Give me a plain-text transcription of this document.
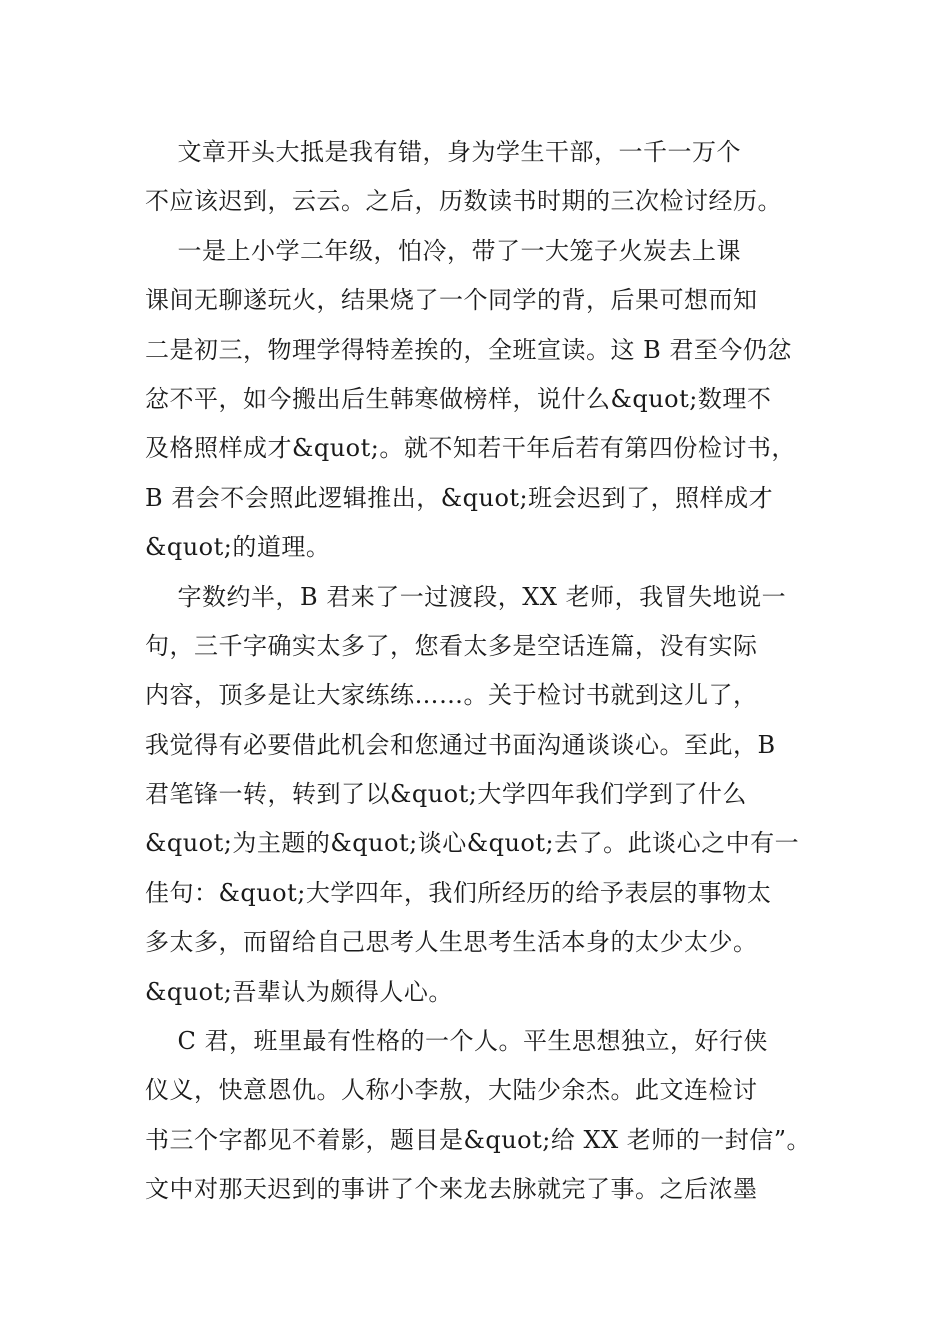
文章开头大抵是我有错，身为学生干部，一千一万个
不应该迟到，云云。之后，历数读书时期的三次检讨经历。
一是上小学二年级，怕冷，带了一大笼子火炭去上课
课间无聊遂玩火，结果烧了一个同学的背，后果可想而知
二是初三，物理学得特差挨的，全班宣读。这 B 君至今仍忿
忿不平，如今搬出后生韩寒做榜样，说什么&quot;数理不
及格照样成才&quot;。就不知若干年后若有第四份检讨书，
B 君会不会照此逻辑推出，&quot;班会迟到了，照样成才
&quot;的道理。
字数约半，B 君来了一过渡段，XX 老师，我冒失地说一
句，三千字确实太多了，您看太多是空话连篇，没有实际
内容，顶多是让大家练练……。关于检讨书就到这儿了，
我觉得有必要借此机会和您通过书面沟通谈谈心。至此，B
君笔锋一转，转到了以&quot;大学四年我们学到了什么
&quot;为主题的&quot;谈心&quot;去了。此谈心之中有一
佳句：&quot;大学四年，我们所经历的给予表层的事物太
多太多，而留给自己思考人生思考生活本身的太少太少。
&quot;吾辈认为颇得人心。
C 君，班里最有性格的一个人。平生思想独立，好行侠
仪义，快意恩仇。人称小李敖，大陆少余杰。此文连检讨
书三个字都见不着影，题目是&quot;给 XX 老师的一封信”。
文中对那天迟到的事讲了个来龙去脉就完了事。之后浓墨
